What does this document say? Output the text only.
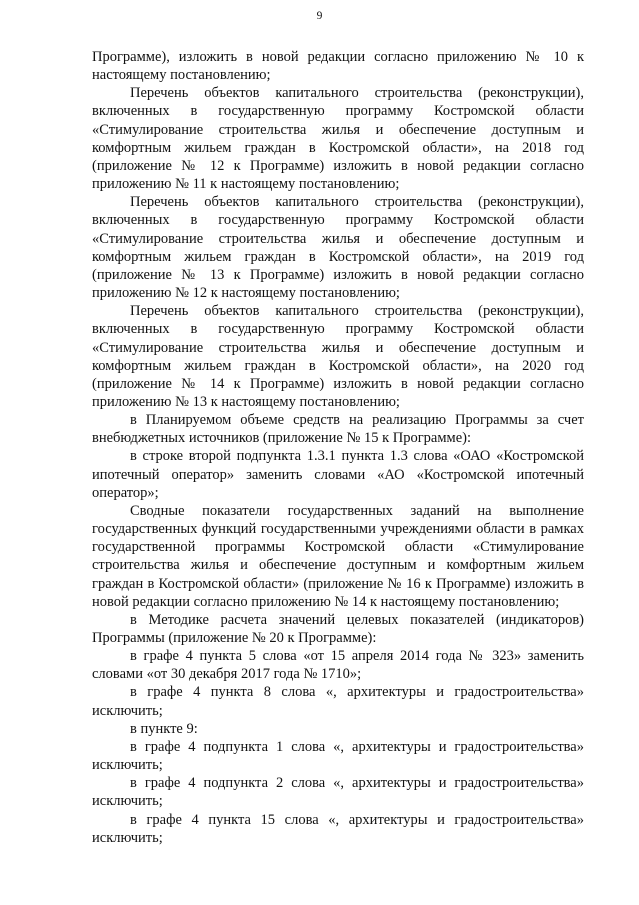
9

Программе), изложить в новой редакции согласно приложению № 10 к настоящему постановлению;

Перечень объектов капитального строительства (реконструкции), включенных в государственную программу Костромской области «Стимулирование строительства жилья и обеспечение доступным и комфортным жильем граждан в Костромской области», на 2018 год (приложение № 12 к Программе) изложить в новой редакции согласно приложению № 11 к настоящему постановлению;

Перечень объектов капитального строительства (реконструкции), включенных в государственную программу Костромской области «Стимулирование строительства жилья и обеспечение доступным и комфортным жильем граждан в Костромской области», на 2019 год (приложение № 13 к Программе) изложить в новой редакции согласно приложению № 12 к настоящему постановлению;

Перечень объектов капитального строительства (реконструкции), включенных в государственную программу Костромской области «Стимулирование строительства жилья и обеспечение доступным и комфортным жильем граждан в Костромской области», на 2020 год (приложение № 14 к Программе) изложить в новой редакции согласно приложению № 13 к настоящему постановлению;

в Планируемом объеме средств на реализацию Программы за счет внебюджетных источников (приложение № 15 к Программе):

в строке второй подпункта 1.3.1 пункта 1.3 слова «ОАО «Костромской ипотечный оператор» заменить словами «АО «Костромской ипотечный оператор»;

Сводные показатели государственных заданий на выполнение государственных функций государственными учреждениями области в рамках государственной программы Костромской области «Стимулирование строительства жилья и обеспечение доступным и комфортным жильем граждан в Костромской области» (приложение № 16 к Программе) изложить в новой редакции согласно приложению № 14 к настоящему постановлению;

в Методике расчета значений целевых показателей (индикаторов) Программы (приложение № 20 к Программе):

в графе 4 пункта 5 слова «от 15 апреля 2014 года № 323» заменить словами «от 30 декабря 2017 года № 1710»;

в графе 4 пункта 8 слова «, архитектуры и градостроительства» исключить;

в пункте 9:

в графе 4 подпункта 1 слова «, архитектуры и градостроительства» исключить;

в графе 4 подпункта 2 слова «, архитектуры и градостроительства» исключить;

в графе 4 пункта 15 слова «, архитектуры и градостроительства» исключить;
